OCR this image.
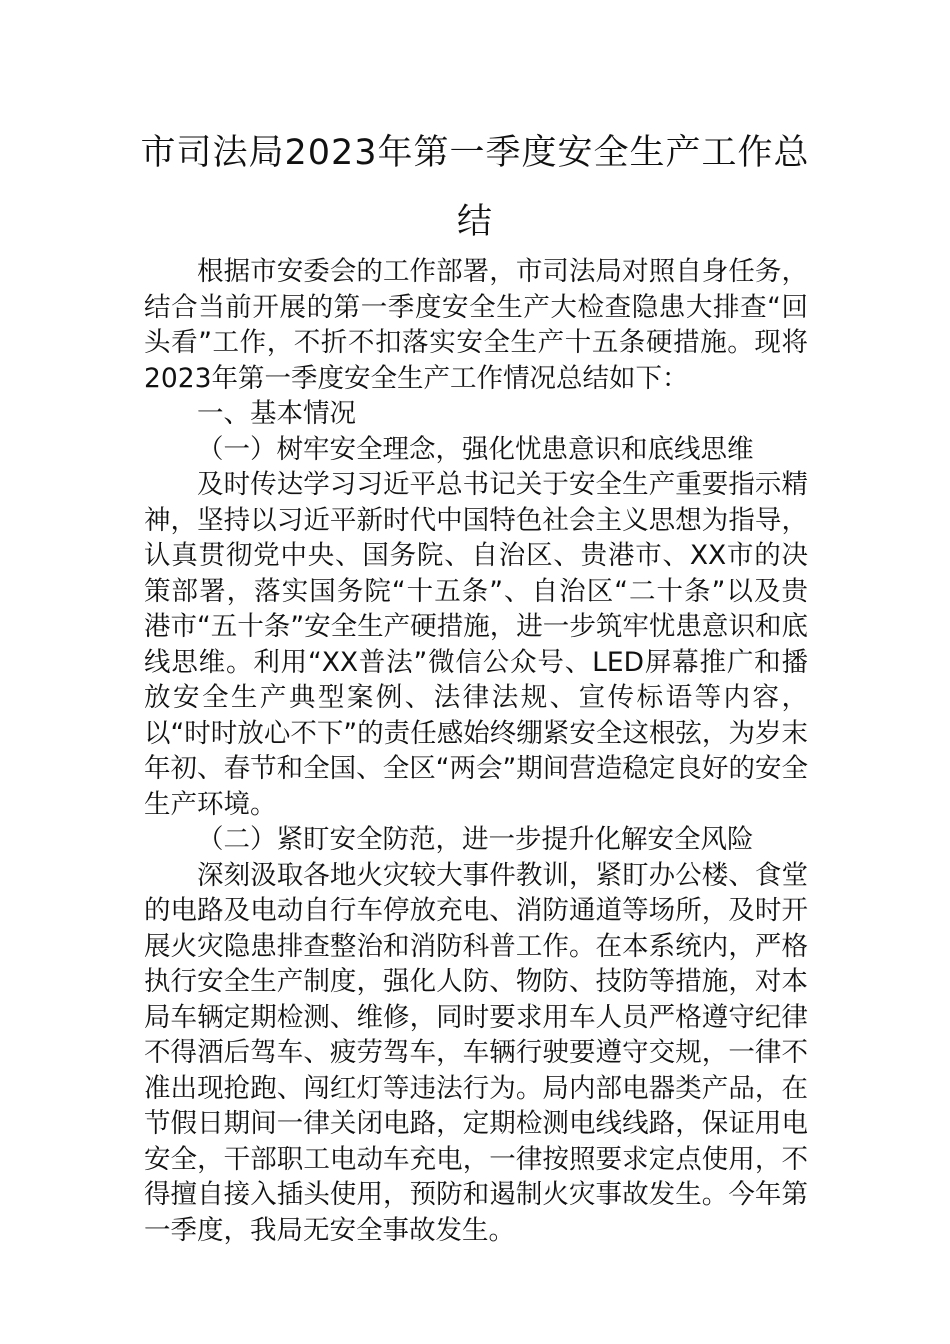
市司法局2023年第一季度安全生产工作总
结

根据市安委会的工作部署，市司法局对照自身任务，结合当前开展的第一季度安全生产大检查隐患大排查“回头看”工作，不折不扣落实安全生产十五条硬措施。现将2023年第一季度安全生产工作情况总结如下：

一、基本情况

（一）树牢安全理念，强化忧患意识和底线思维

及时传达学习习近平总书记关于安全生产重要指示精神，坚持以习近平新时代中国特色社会主义思想为指导，认真贯彻党中央、国务院、自治区、贵港市、XX市的决策部署，落实国务院“十五条”、自治区“二十条”以及贵港市“五十条”安全生产硬措施，进一步筑牢忧患意识和底线思维。利用“XX普法”微信公众号、LED屏幕推广和播放安全生产典型案例、法律法规、宣传标语等内容，以“时时放心不下”的责任感始终绷紧安全这根弦，为岁末年初、春节和全国、全区“两会”期间营造稳定良好的安全生产环境。

（二）紧盯安全防范，进一步提升化解安全风险

深刻汲取各地火灾较大事件教训，紧盯办公楼、食堂的电路及电动自行车停放充电、消防通道等场所，及时开展火灾隐患排查整治和消防科普工作。在本系统内，严格执行安全生产制度，强化人防、物防、技防等措施，对本局车辆定期检测、维修，同时要求用车人员严格遵守纪律不得酒后驾车、疲劳驾车，车辆行驶要遵守交规，一律不准出现抢跑、闯红灯等违法行为。局内部电器类产品，在节假日期间一律关闭电路，定期检测电线线路，保证用电安全，干部职工电动车充电，一律按照要求定点使用，不得擅自接入插头使用，预防和遏制火灾事故发生。今年第一季度，我局无安全事故发生。
